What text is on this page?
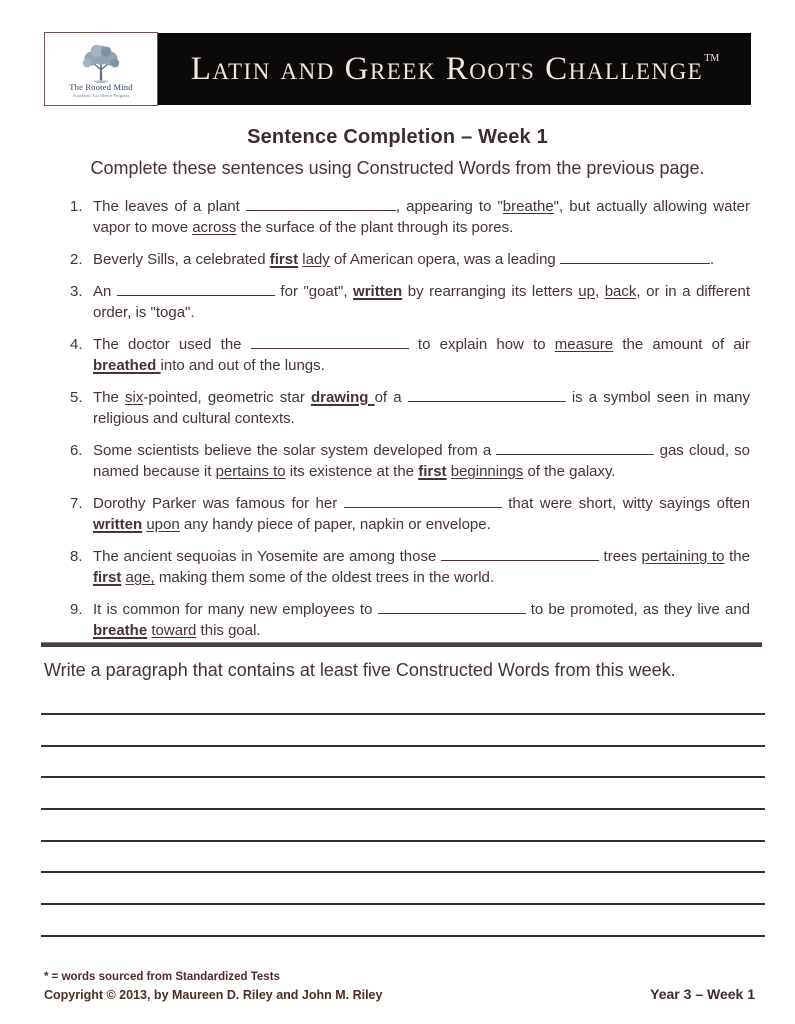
The Rooted Mind
Scholastic Excellence Program
Latin and Greek Roots Challenge™
Sentence Completion – Week 1
Complete these sentences using Constructed Words from the previous page.
1. The leaves of a plant	, appearing to "breathe", but actually allowing water vapor to move across the surface of the plant through its pores.
2. Beverly Sills, a celebrated first lady of American opera, was a leading	.
3. An	for "goat", written by rearranging its letters up, back, or in a different order, is "toga".
4. The doctor used the	to explain how to measure the amount of air breathed into and out of the lungs.
5. The six-pointed, geometric star drawing of a	is a symbol seen in many religious and cultural contexts.
6. Some scientists believe the solar system developed from a	gas cloud, so named because it pertains to its existence at the first beginnings of the galaxy.
7. Dorothy Parker was famous for her	that were short, witty sayings often written upon any handy piece of paper, napkin or envelope.
8. The ancient sequoias in Yosemite are among those	trees pertaining to the first age, making them some of the oldest trees in the world.
9. It is common for many new employees to	to be promoted, as they live and breathe toward this goal.
Write a paragraph that contains at least five Constructed Words from this week.
* = words sourced from Standardized Tests
Copyright © 2013, by Maureen D. Riley and John M. Riley	Year 3 – Week 1
